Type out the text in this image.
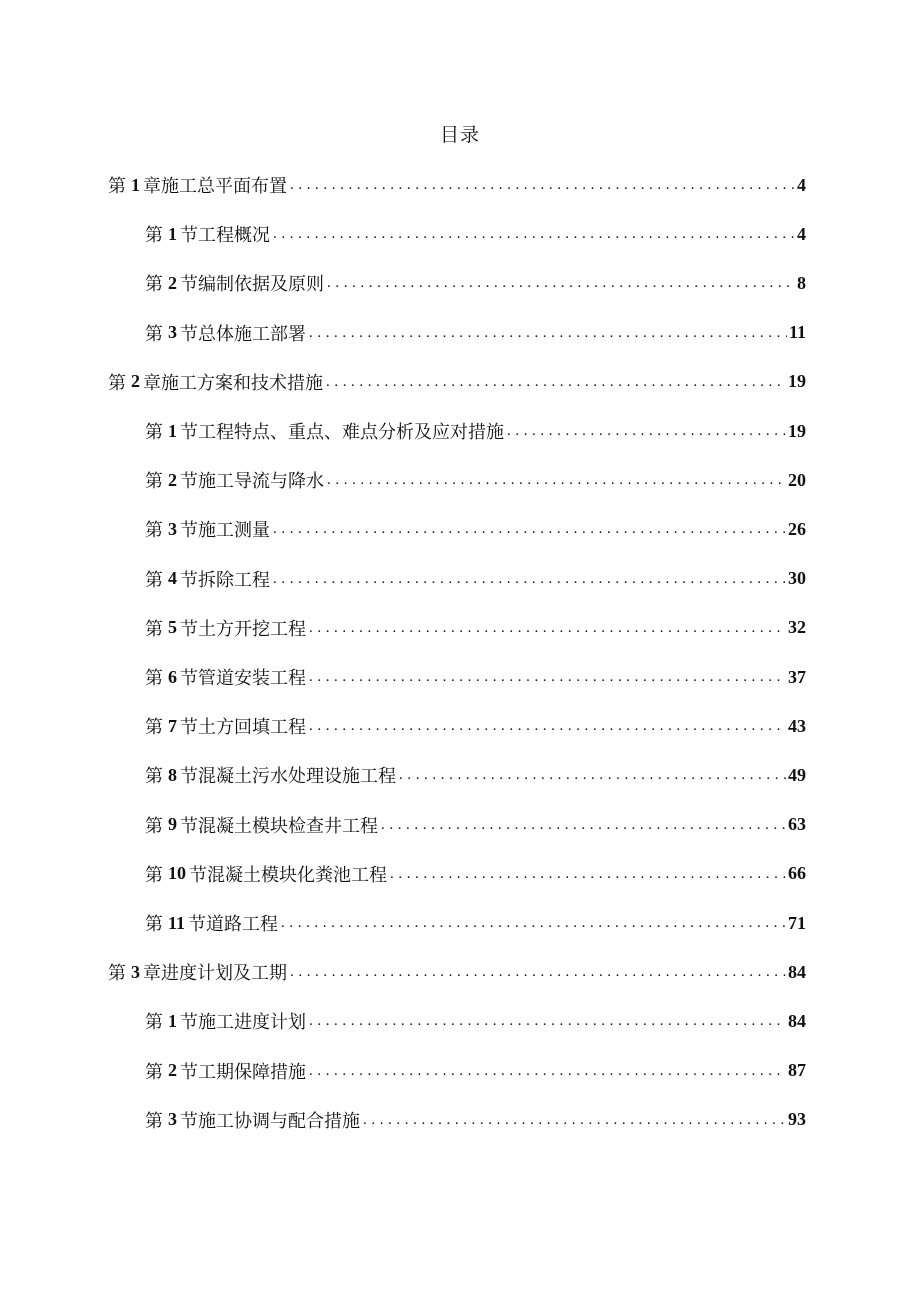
目录
第 1 章 施工总平面布置 .....	4
第 1 节 工程概况 .....	4
第 2 节 编制依据及原则 .....	8
第 3 节 总体施工部署 .....	11
第 2 章 施工方案和技术措施 .....	19
第 1 节 工程特点、重点、难点分析及应对措施 .....	19
第 2 节 施工导流与降水 .....	20
第 3 节 施工测量 .....	26
第 4 节 拆除工程 .....	30
第 5 节 土方开挖工程 .....	32
第 6 节 管道安装工程 .....	37
第 7 节 土方回填工程 .....	43
第 8 节 混凝土污水处理设施工程 .....	49
第 9 节 混凝土模块检查井工程 .....	63
第 10 节 混凝土模块化粪池工程 .....	66
第 11 节 道路工程 .....	71
第 3 章 进度计划及工期 .....	84
第 1 节 施工进度计划 .....	84
第 2 节 工期保障措施 .....	87
第 3 节 施工协调与配合措施 .....	93
